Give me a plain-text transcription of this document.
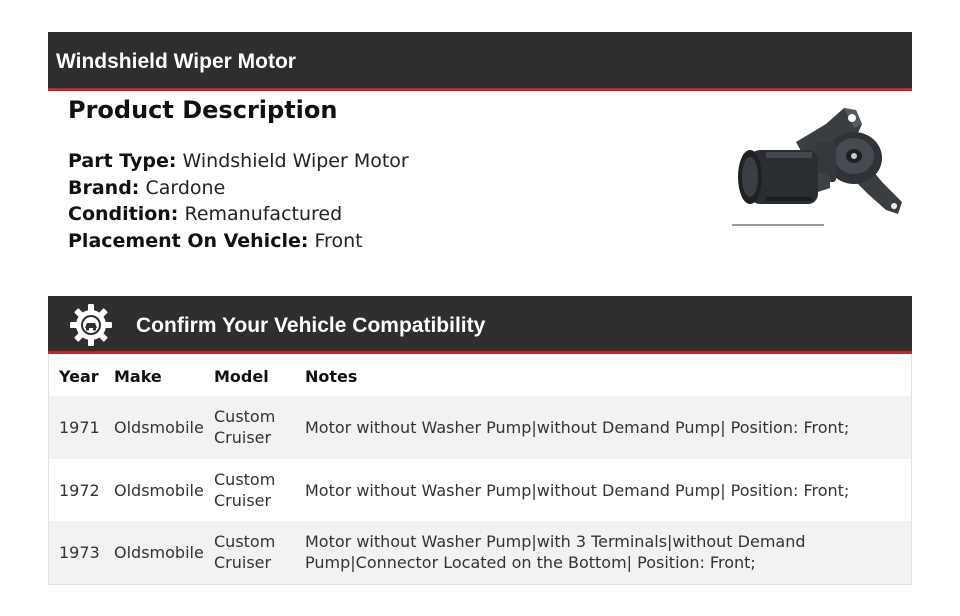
Windshield Wiper Motor
Product Description
Part Type: Windshield Wiper Motor
Brand: Cardone
Condition: Remanufactured
Placement On Vehicle: Front
Confirm Your Vehicle Compatibility
Year Make	Model	Notes
1971 Oldsmobile
Custom Cruiser
Motor without Washer Pump|without Demand Pump| Position: Front;
1972 Oldsmobile
Custom Cruiser
Motor without Washer Pump|without Demand Pump| Position: Front;
1973 Oldsmobile
Custom Cruiser
Motor without Washer Pump|with 3 Terminals|without Demand Pump|Connector Located on the Bottom| Position: Front;
